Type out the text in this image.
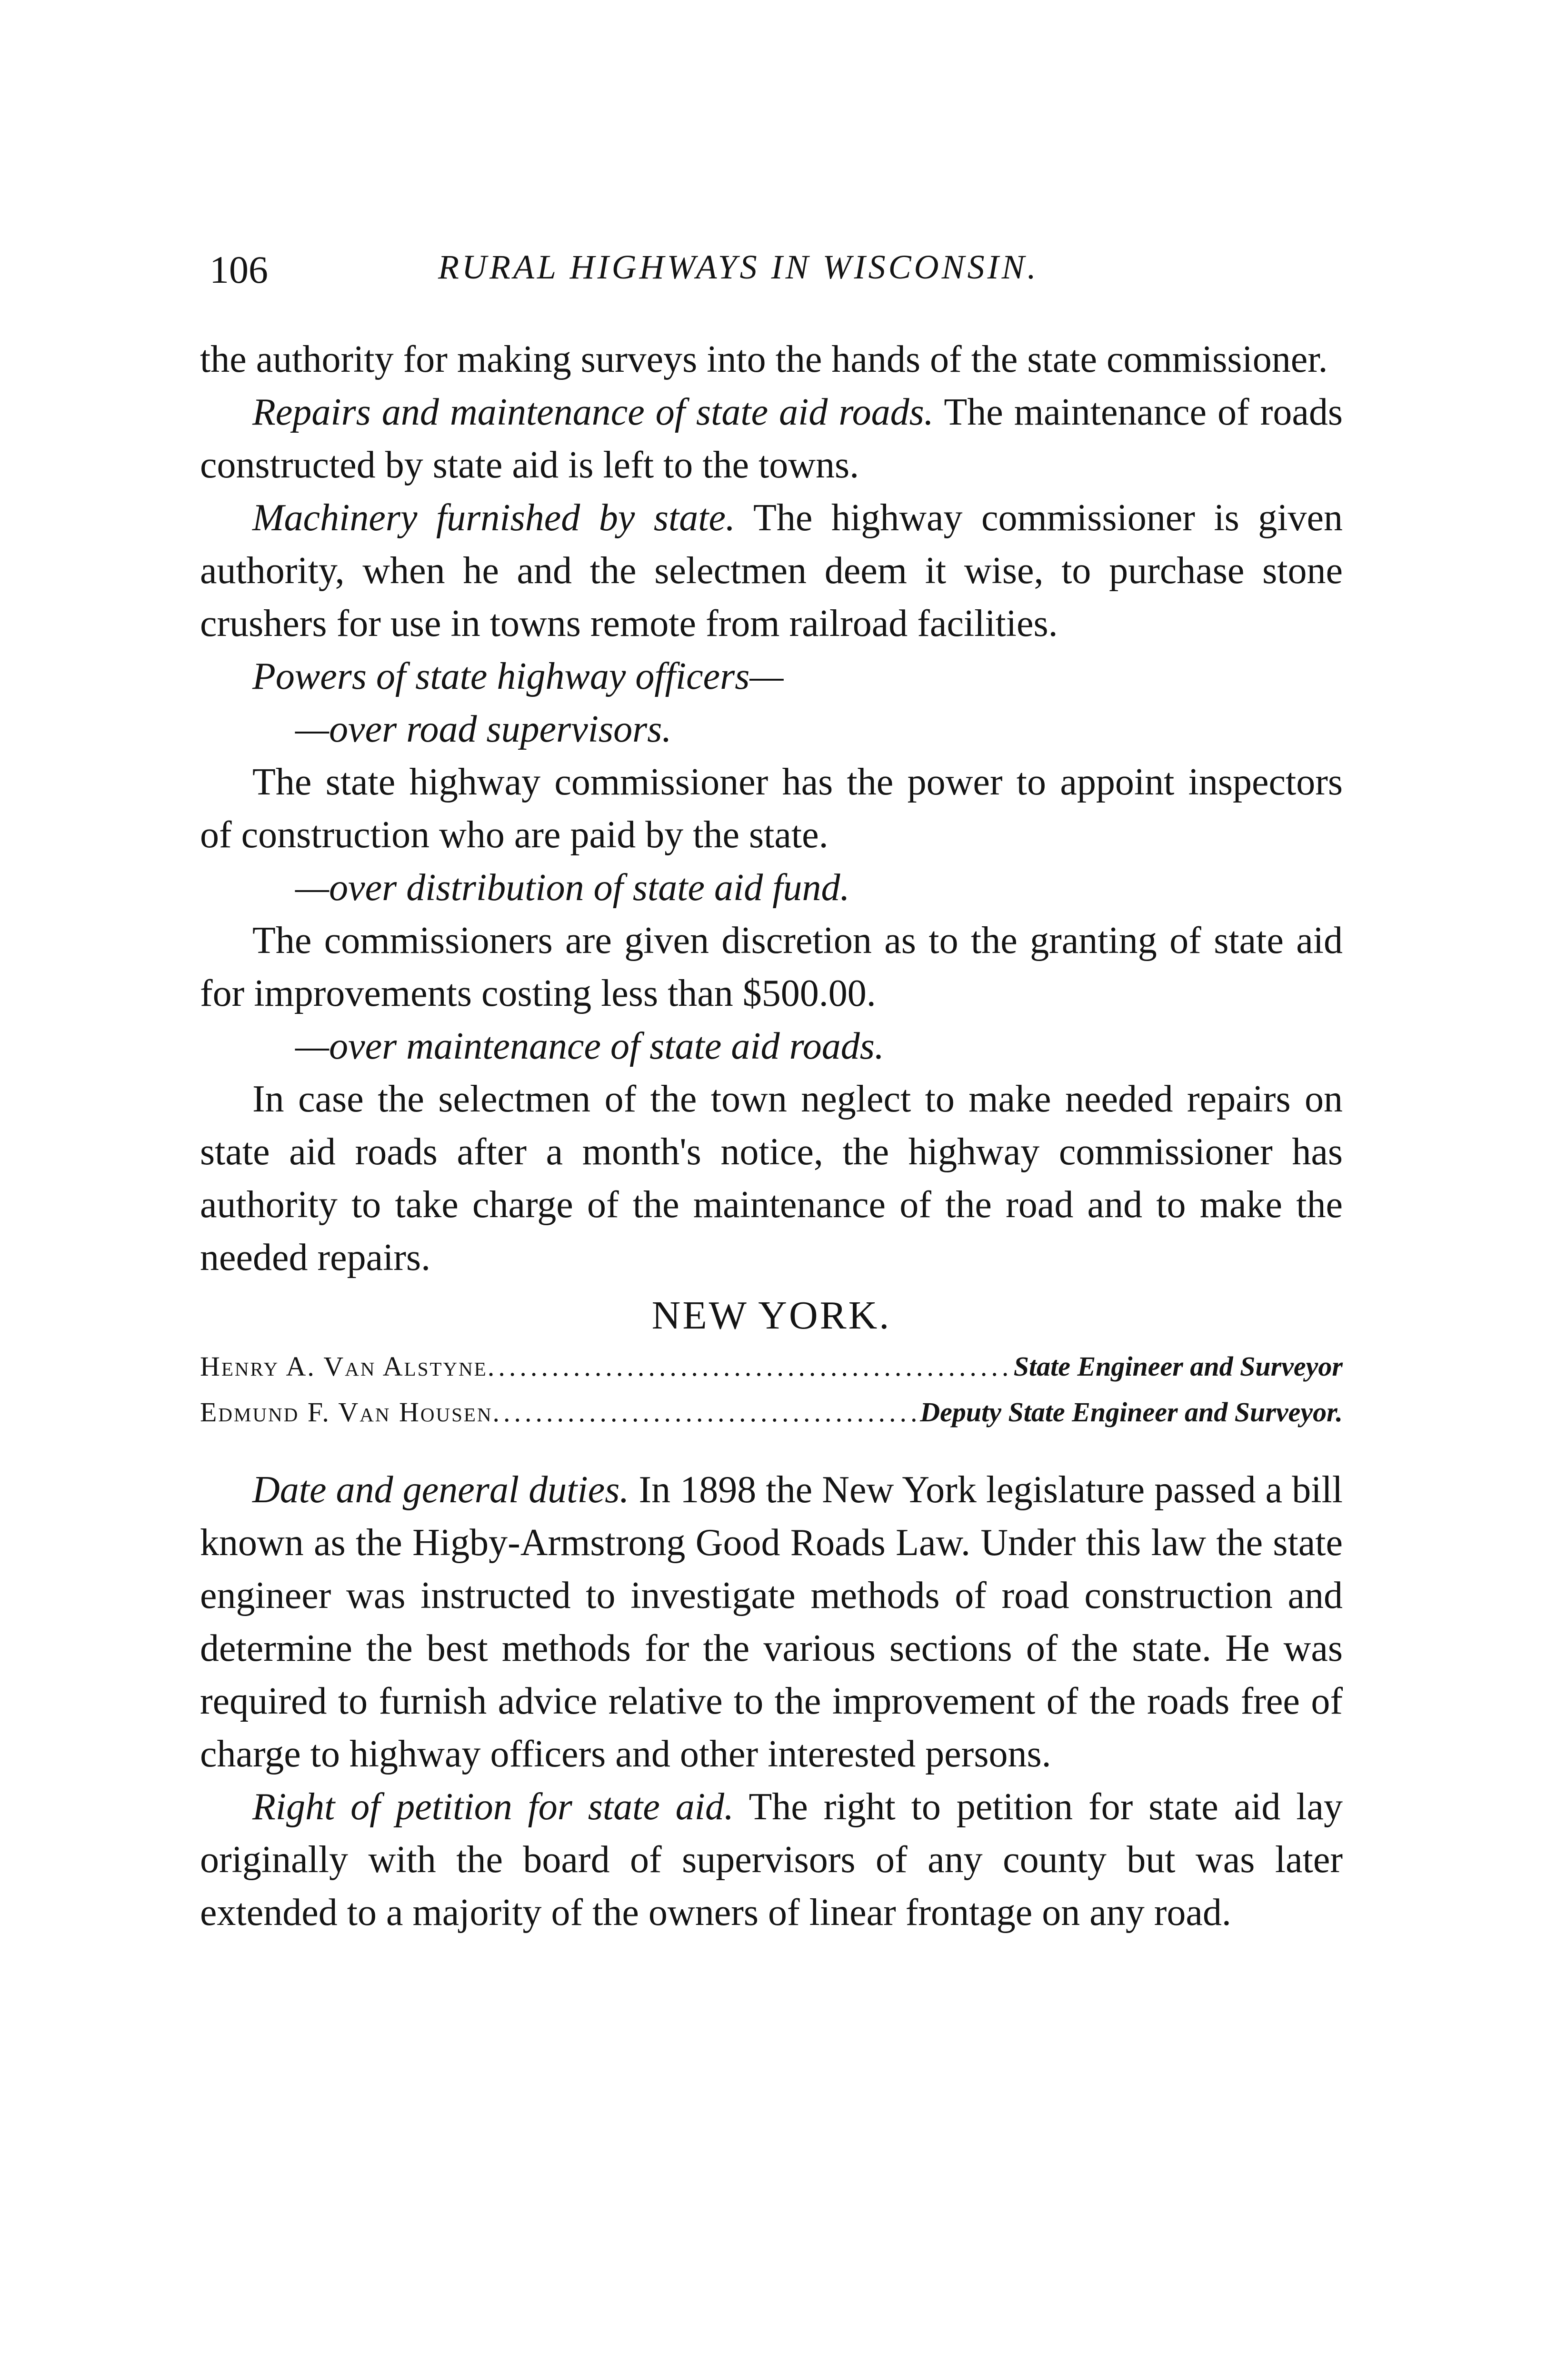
106	RURAL HIGHWAYS IN WISCONSIN.

the authority for making surveys into the hands of the state commissioner.

Repairs and maintenance of state aid roads. The maintenance of roads constructed by state aid is left to the towns.

Machinery furnished by state. The highway commissioner is given authority, when he and the selectmen deem it wise, to purchase stone crushers for use in towns remote from railroad facilities.

Powers of state highway officers—

—over road supervisors.

The state highway commissioner has the power to appoint inspectors of construction who are paid by the state.

—over distribution of state aid fund.

The commissioners are given discretion as to the granting of state aid for improvements costing less than $500.00.

—over maintenance of state aid roads.

In case the selectmen of the town neglect to make needed repairs on state aid roads after a month's notice, the highway commissioner has authority to take charge of the maintenance of the road and to make the needed repairs.

NEW YORK.

Henry A. Van Alstyne .....	State Engineer and Surveyor
Edmund F. Van Housen .....	Deputy State Engineer and Surveyor.

Date and general duties. In 1898 the New York legislature passed a bill known as the Higby-Armstrong Good Roads Law. Under this law the state engineer was instructed to investigate methods of road construction and determine the best methods for the various sections of the state. He was required to furnish advice relative to the improvement of the roads free of charge to highway officers and other interested persons.

Right of petition for state aid. The right to petition for state aid lay originally with the board of supervisors of any county but was later extended to a majority of the owners of linear frontage on any road.
